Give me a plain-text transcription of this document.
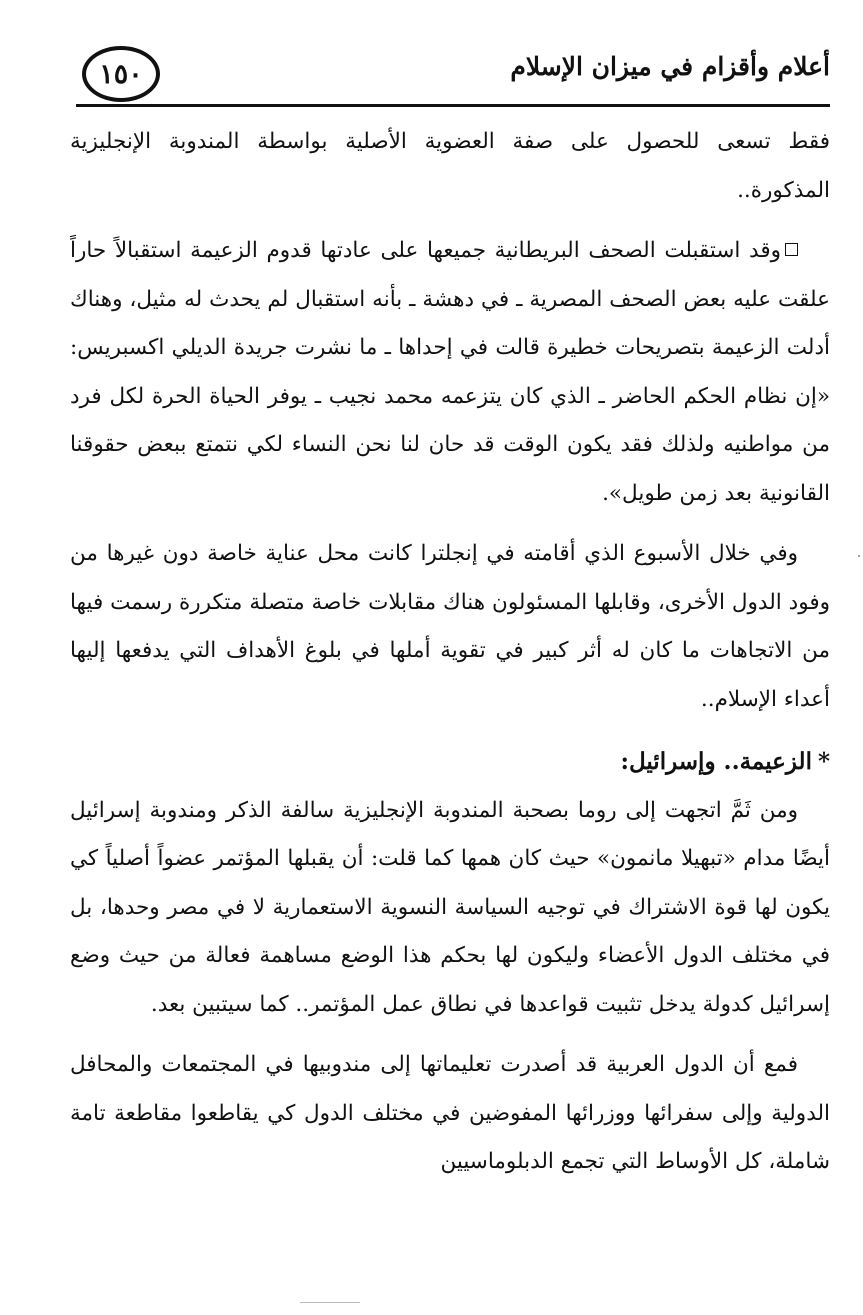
١٥٠	أعلام وأقزام في ميزان الإسلام

فقط تسعى للحصول على صفة العضوية الأصلية بواسطة المندوبة الإنجليزية المذكورة..

وقد استقبلت الصحف البريطانية جميعها على عادتها قدوم الزعيمة استقبالاً حاراً علقت عليه بعض الصحف المصرية ـ في دهشة ـ بأنه استقبال لم يحدث له مثيل، وهناك أدلت الزعيمة بتصريحات خطيرة قالت في إحداها ـ ما نشرت جريدة الديلي اكسبريس: «إن نظام الحكم الحاضر ـ الذي كان يتزعمه محمد نجيب ـ يوفر الحياة الحرة لكل فرد من مواطنيه ولذلك فقد يكون الوقت قد حان لنا نحن النساء لكي نتمتع ببعض حقوقنا القانونية بعد زمن طويل».

وفي خلال الأسبوع الذي أقامته في إنجلترا كانت محل عناية خاصة دون غيرها من وفود الدول الأخرى، وقابلها المسئولون هناك مقابلات خاصة متصلة متكررة رسمت فيها من الاتجاهات ما كان له أثر كبير في تقوية أملها في بلوغ الأهداف التي يدفعها إليها أعداء الإسلام..

*الزعيمة.. وإسرائيل:

ومن ثَمَّ اتجهت إلى روما بصحبة المندوبة الإنجليزية سالفة الذكر ومندوبة إسرائيل أيضًا مدام «تبهيلا مانمون» حيث كان همها كما قلت: أن يقبلها المؤتمر عضواً أصلياً كي يكون لها قوة الاشتراك في توجيه السياسة النسوية الاستعمارية لا في مصر وحدها، بل في مختلف الدول الأعضاء وليكون لها بحكم هذا الوضع مساهمة فعالة من حيث وضع إسرائيل كدولة يدخل تثبيت قواعدها في نطاق عمل المؤتمر.. كما سيتبين بعد.

فمع أن الدول العربية قد أصدرت تعليماتها إلى مندوبيها في المجتمعات والمحافل الدولية وإلى سفرائها ووزرائها المفوضين في مختلف الدول كي يقاطعوا مقاطعة تامة شاملة، كل الأوساط التي تجمع الدبلوماسيين
